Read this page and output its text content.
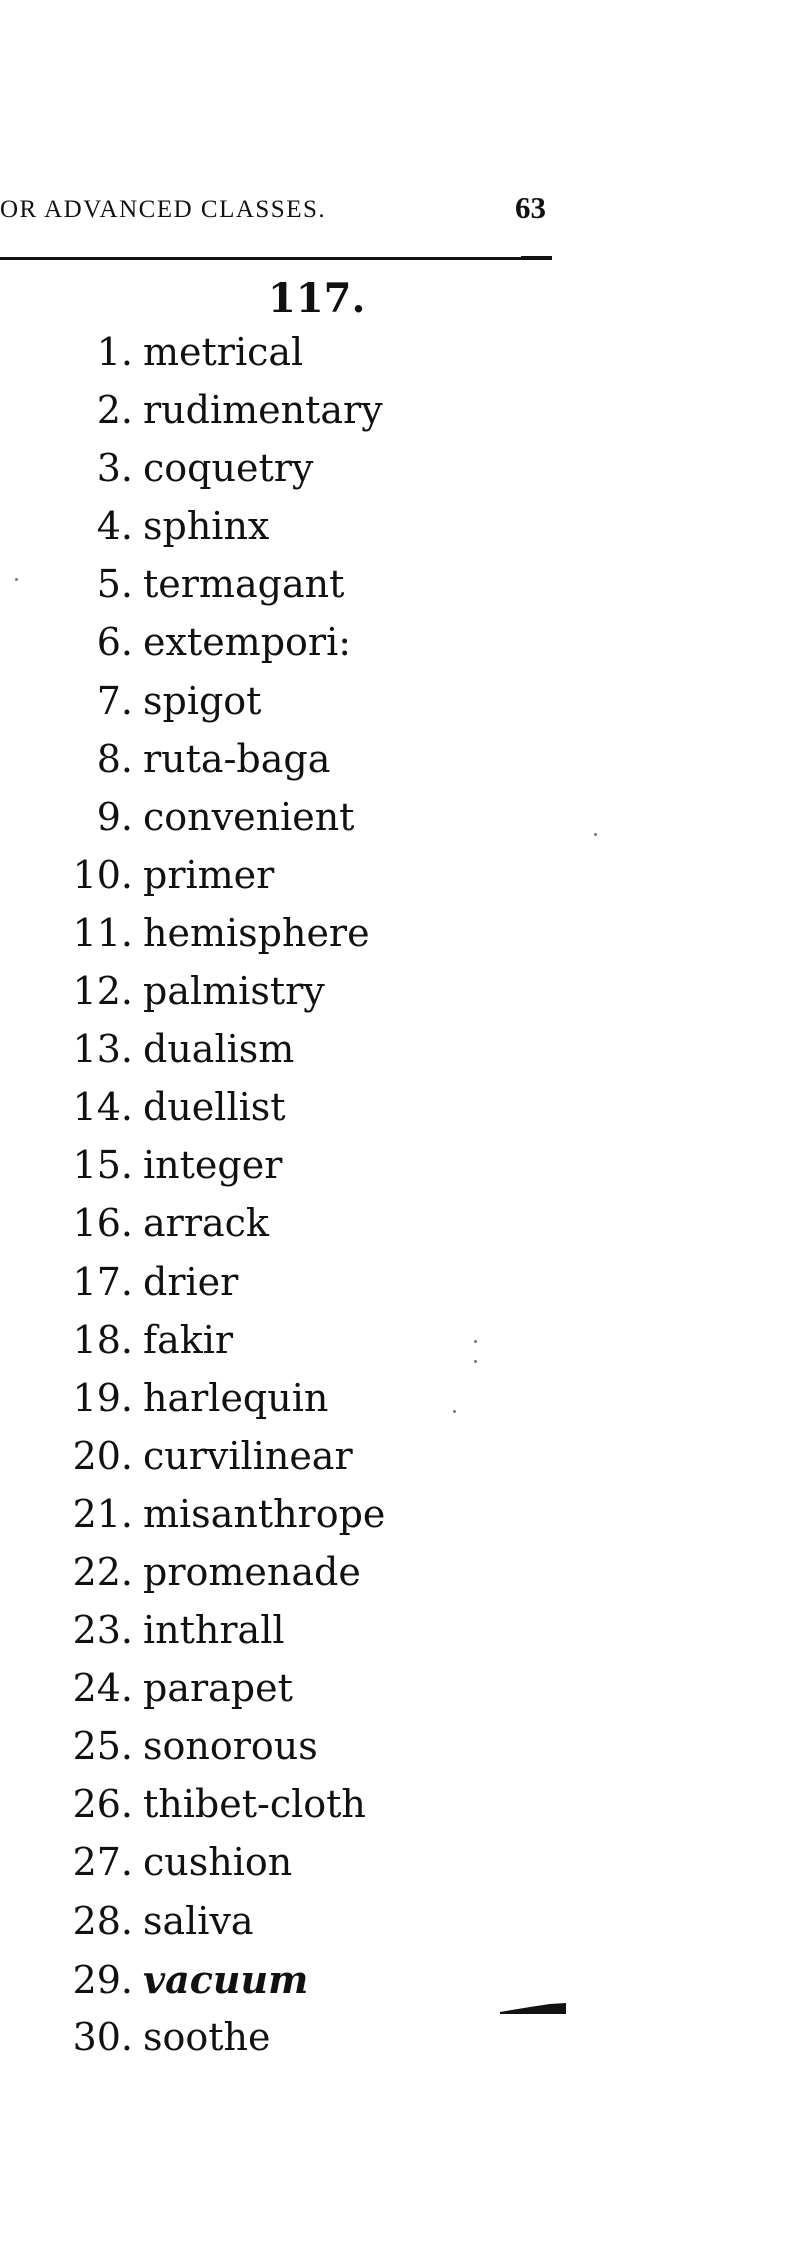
OR ADVANCED CLASSES.	63
117.
1. metrical
2. rudimentary
3. coquetry
4. sphinx
5. termagant
6. extempori:
7. spigot
8. ruta-baga
9. convenient
10. primer
11. hemisphere
12. palmistry
13. dualism
14. duellist
15. integer
16. arrack
17. drier
18. fakir
19. harlequin
20. curvilinear
21. misanthrope
22. promenade
23. inthrall
24. parapet
25. sonorous
26. thibet-cloth
27. cushion
28. saliva
29. vacuum
30. soothe
